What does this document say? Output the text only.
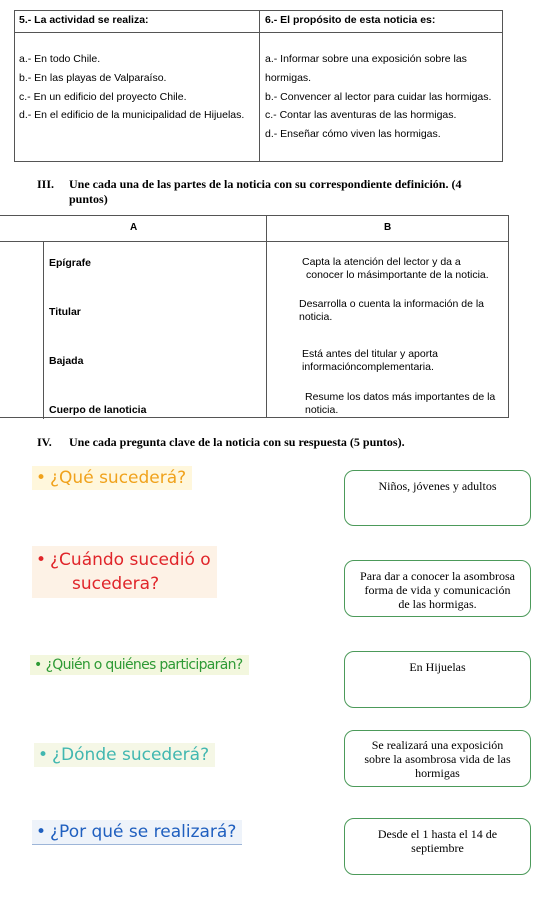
5.- La actividad se realiza:	6.- El propósito de esta noticia es:
a.- En todo Chile.
b.- En las playas de Valparaíso.
c.- En un edificio del proyecto Chile.
d.- En el edificio de la municipalidad de Hijuelas.
a.- Informar sobre una exposición sobre las
hormigas.
b.- Convencer al lector para cuidar las hormigas.
c.- Contar las aventuras de las hormigas.
d.- Enseñar cómo viven las hormigas.
III. Une cada una de las partes de la noticia con su correspondiente definición. (4
puntos)
A	B
Epígrafe
Titular
Bajada
Cuerpo de lanoticia
Capta la atención del lector y da a
conocer lo másimportante de la noticia.
Desarrolla o cuenta la información de la
noticia.
Está antes del titular y aporta
informacióncomplementaria.
Resume los datos más importantes de la
noticia.
IV. Une cada pregunta clave de la noticia con su respuesta (5 puntos).
• ¿Qué sucederá?
• ¿Cuándo sucedió o
sucedera?
• ¿Quién o quiénes participarán?
• ¿Dónde sucederá?
• ¿Por qué se realizará?
Niños, jóvenes y adultos
Para dar a conocer la asombrosa
forma de vida y comunicación
de las hormigas.
En Hijuelas
Se realizará una exposición
sobre la asombrosa vida de las
hormigas
Desde el 1 hasta el 14 de
septiembre
